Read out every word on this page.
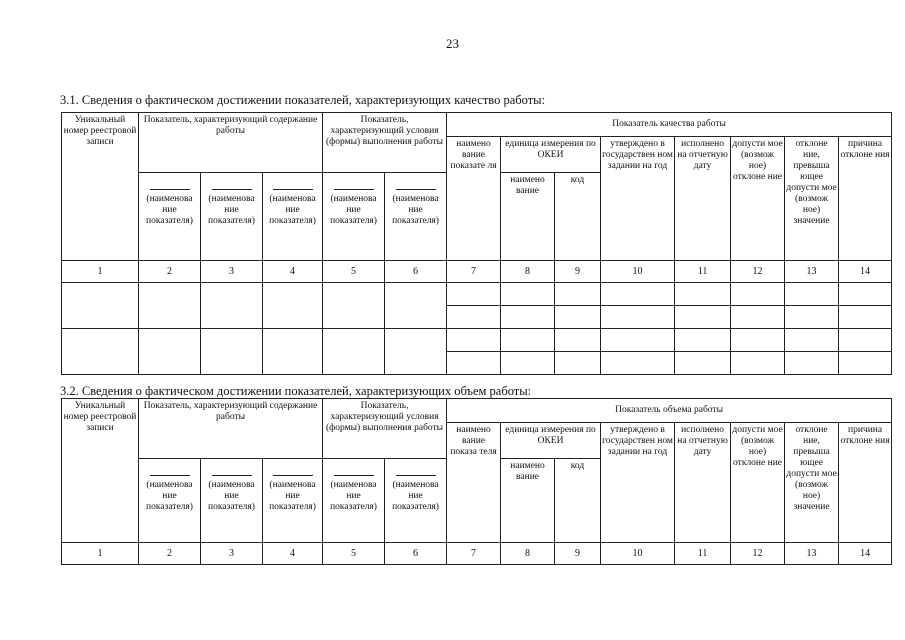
23
3.1. Сведения о фактическом достижении показателей, характеризующих качество работы:
Уникальный номер реестровой записи	Показатель, характеризующий содержание работы			Показатель, характеризующий условия (формы) выполнения работы		Показатель качества работы							
						наимено вание показате ля	единица измерения по ОКЕИ		утверждено в государствен ном задании на год	исполнено на отчетную дату	допусти мое (возмож ное) отклоне ние	отклоне ние, превыша ющее допусти мое (возмож ное) значение	причина отклоне ния

	(наименова ние показателя)	(наименова ние показателя)	(наименова ние показателя)	(наименова ние показателя)	(наименова ние показателя)		наимено вание	код					
1	2	3	4	5	6	7	8	9	10	11	12	13	14

3.2. Сведения о фактическом достижении показателей, характеризующих объем работы:
Уникальный номер реестровой записи	Показатель, характеризующий содержание работы			Показатель, характеризующий условия (формы) выполнения работы		Показатель объема работы							
						наимено вание показа теля	единица измерения по ОКЕИ		утверждено в государствен ном задании на год	исполнено на отчетную дату	допусти мое (возмож ное) отклоне ние	отклоне ние, превыша ющее допусти мое (возмож ное) значение	причина отклоне ния

	(наименова ние показателя)	(наименова ние показателя)	(наименова ние показателя)	(наименова ние показателя)	(наименова ние показателя)		наимено вание	код					
1	2	3	4	5	6	7	8	9	10	11	12	13	14
